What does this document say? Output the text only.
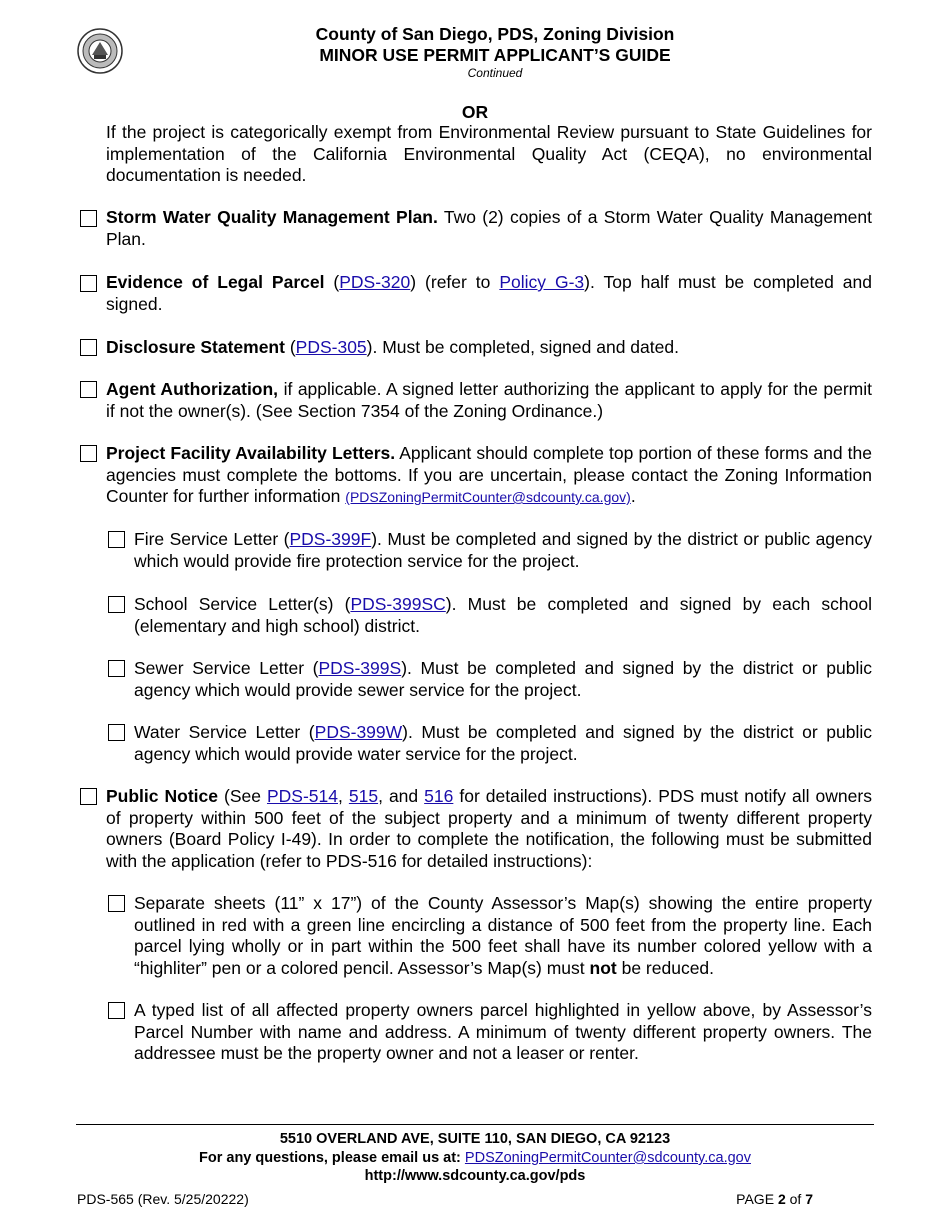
County of San Diego, PDS, Zoning Division
MINOR USE PERMIT APPLICANT’S GUIDE
Continued
OR
If the project is categorically exempt from Environmental Review pursuant to State Guidelines for implementation of the California Environmental Quality Act (CEQA), no environmental documentation is needed.
Storm Water Quality Management Plan. Two (2) copies of a Storm Water Quality Management Plan.
Evidence of Legal Parcel (PDS-320) (refer to Policy G-3). Top half must be completed and signed.
Disclosure Statement (PDS-305). Must be completed, signed and dated.
Agent Authorization, if applicable. A signed letter authorizing the applicant to apply for the permit if not the owner(s). (See Section 7354 of the Zoning Ordinance.)
Project Facility Availability Letters. Applicant should complete top portion of these forms and the agencies must complete the bottoms. If you are uncertain, please contact the Zoning Information Counter for further information (PDSZoningPermitCounter@sdcounty.ca.gov).
Fire Service Letter (PDS-399F). Must be completed and signed by the district or public agency which would provide fire protection service for the project.
School Service Letter(s) (PDS-399SC). Must be completed and signed by each school (elementary and high school) district.
Sewer Service Letter (PDS-399S). Must be completed and signed by the district or public agency which would provide sewer service for the project.
Water Service Letter (PDS-399W). Must be completed and signed by the district or public agency which would provide water service for the project.
Public Notice (See PDS-514, 515, and 516 for detailed instructions). PDS must notify all owners of property within 500 feet of the subject property and a minimum of twenty different property owners (Board Policy I-49). In order to complete the notification, the following must be submitted with the application (refer to PDS-516 for detailed instructions):
Separate sheets (11” x 17”) of the County Assessor’s Map(s) showing the entire property outlined in red with a green line encircling a distance of 500 feet from the property line. Each parcel lying wholly or in part within the 500 feet shall have its number colored yellow with a “highliter” pen or a colored pencil. Assessor’s Map(s) must not be reduced.
A typed list of all affected property owners parcel highlighted in yellow above, by Assessor’s Parcel Number with name and address. A minimum of twenty different property owners. The addressee must be the property owner and not a leaser or renter.
5510 OVERLAND AVE, SUITE 110, SAN DIEGO, CA 92123
For any questions, please email us at: PDSZoningPermitCounter@sdcounty.ca.gov
http://www.sdcounty.ca.gov/pds
PDS-565 (Rev. 5/25/20222)	PAGE 2 of 7
